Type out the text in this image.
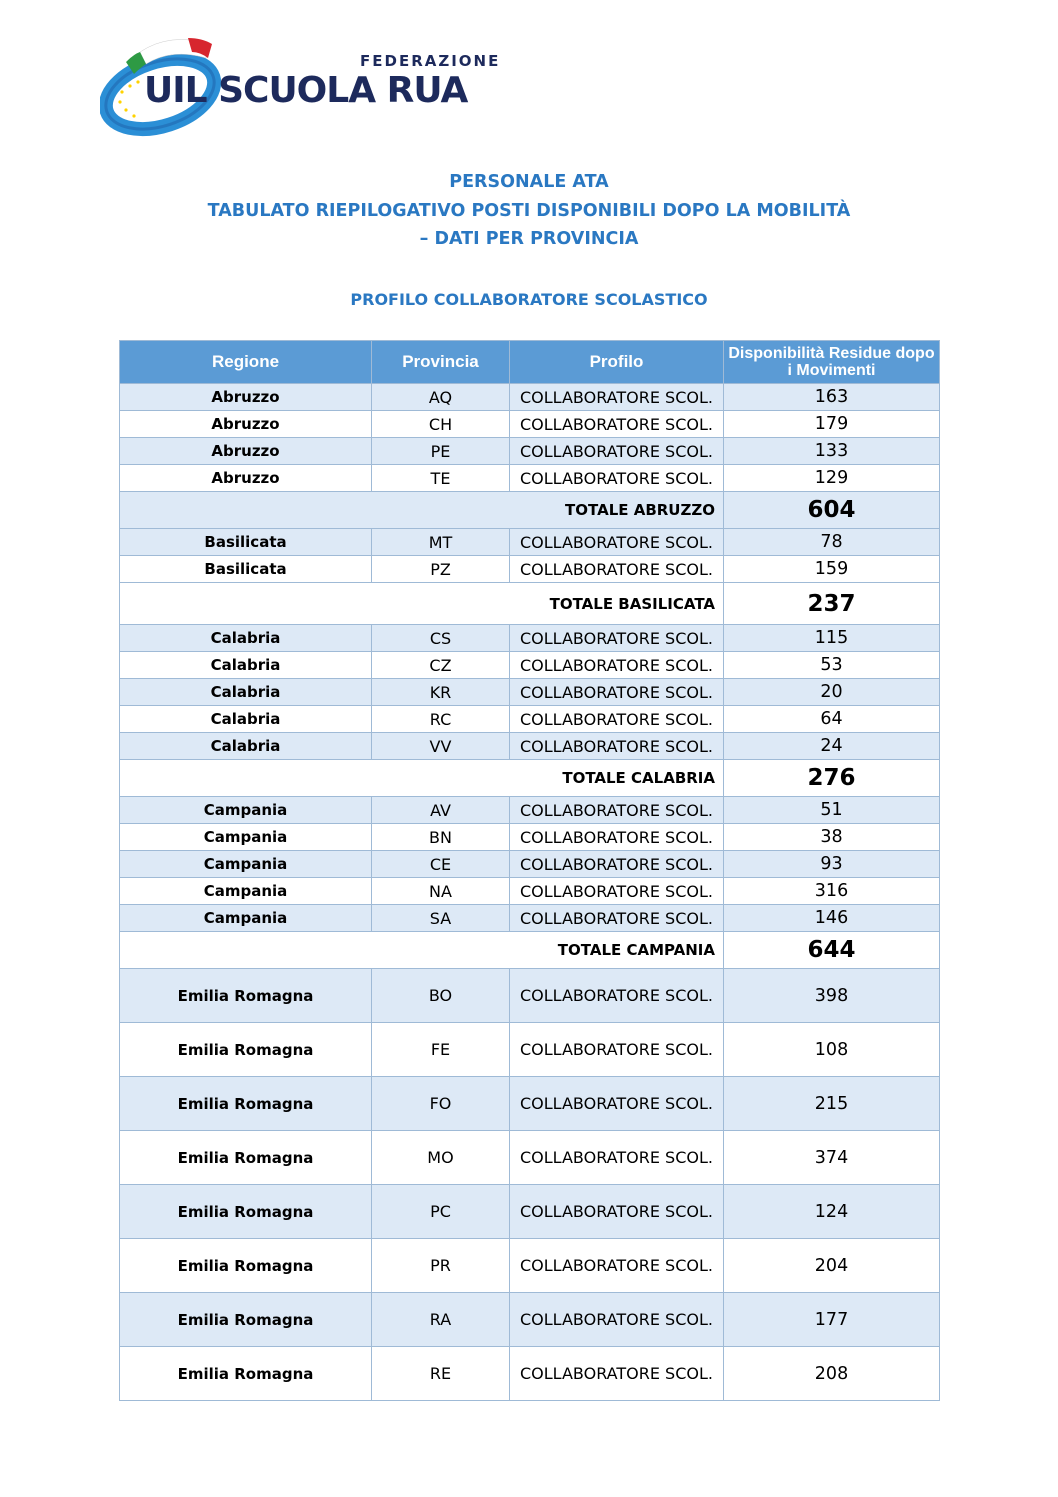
FEDERAZIONE
UIL SCUOLA RUA
PERSONALE ATA
TABULATO RIEPILOGATIVO POSTI DISPONIBILI DOPO LA MOBILITÀ
– DATI PER PROVINCIA
PROFILO COLLABORATORE SCOLASTICO
Regione	Provincia	Profilo	Disponibilità Residue dopo i Movimenti
Abruzzo	AQ	COLLABORATORE SCOL.	163
Abruzzo	CH	COLLABORATORE SCOL.	179
Abruzzo	PE	COLLABORATORE SCOL.	133
Abruzzo	TE	COLLABORATORE SCOL.	129
TOTALE ABRUZZO			604
Basilicata	MT	COLLABORATORE SCOL.	78
Basilicata	PZ	COLLABORATORE SCOL.	159
TOTALE BASILICATA			237
Calabria	CS	COLLABORATORE SCOL.	115
Calabria	CZ	COLLABORATORE SCOL.	53
Calabria	KR	COLLABORATORE SCOL.	20
Calabria	RC	COLLABORATORE SCOL.	64
Calabria	VV	COLLABORATORE SCOL.	24
TOTALE CALABRIA			276
Campania	AV	COLLABORATORE SCOL.	51
Campania	BN	COLLABORATORE SCOL.	38
Campania	CE	COLLABORATORE SCOL.	93
Campania	NA	COLLABORATORE SCOL.	316
Campania	SA	COLLABORATORE SCOL.	146
TOTALE CAMPANIA			644
Emilia Romagna	BO	COLLABORATORE SCOL.	398
Emilia Romagna	FE	COLLABORATORE SCOL.	108
Emilia Romagna	FO	COLLABORATORE SCOL.	215
Emilia Romagna	MO	COLLABORATORE SCOL.	374
Emilia Romagna	PC	COLLABORATORE SCOL.	124
Emilia Romagna	PR	COLLABORATORE SCOL.	204
Emilia Romagna	RA	COLLABORATORE SCOL.	177
Emilia Romagna	RE	COLLABORATORE SCOL.	208
